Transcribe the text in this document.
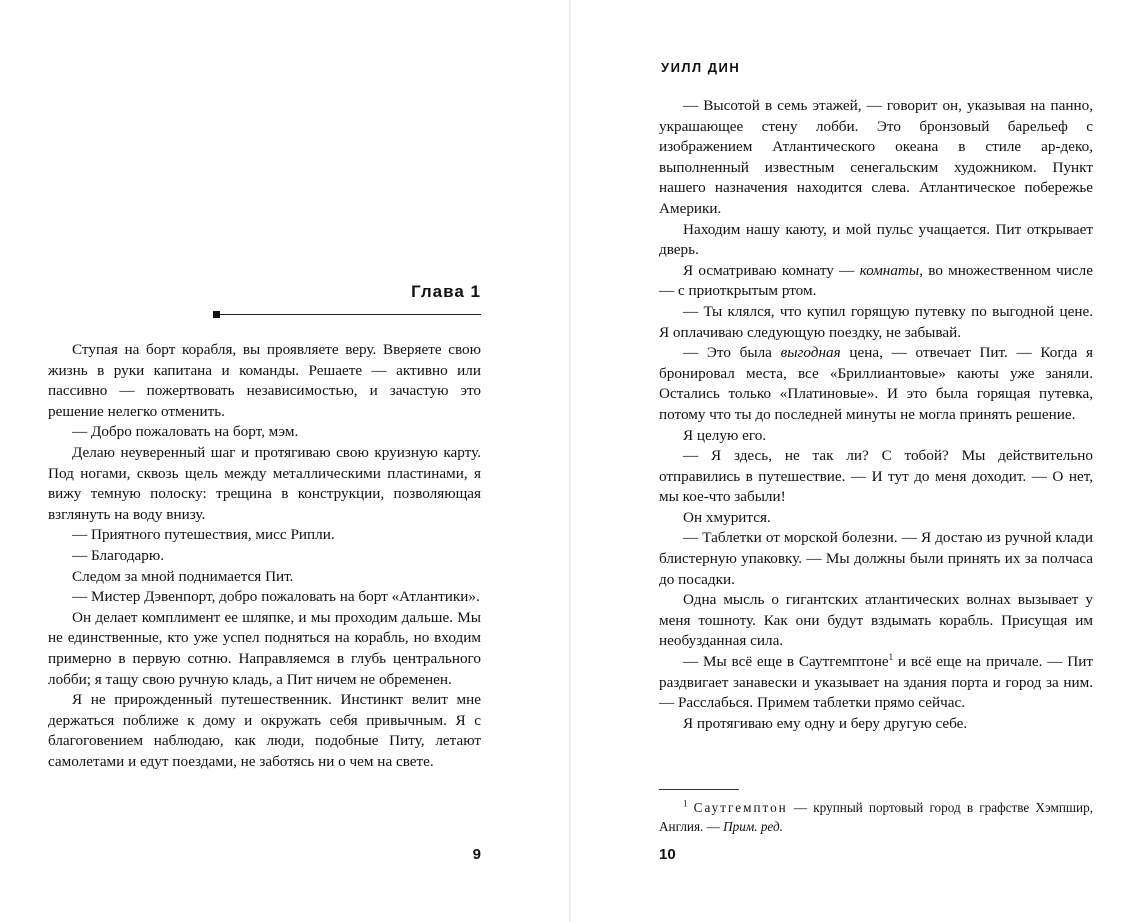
Глава 1

Ступая на борт корабля, вы проявляете веру. Вверяете свою жизнь в руки капитана и команды. Решаете — активно или пассивно — пожертвовать независимостью, и зачастую это решение нелегко отменить.

— Добро пожаловать на борт, мэм.

Делаю неуверенный шаг и протягиваю свою круизную карту. Под ногами, сквозь щель между металлическими пластинами, я вижу темную полоску: трещина в конструкции, позволяющая взглянуть на воду внизу.

— Приятного путешествия, мисс Рипли.

— Благодарю.

Следом за мной поднимается Пит.

— Мистер Дэвенпорт, добро пожаловать на борт «Атлантики».

Он делает комплимент ее шляпке, и мы проходим дальше. Мы не единственные, кто уже успел подняться на корабль, но входим примерно в первую сотню. Направляемся в глубь центрального лобби; я тащу свою ручную кладь, а Пит ничем не обременен.

Я не прирожденный путешественник. Инстинкт велит мне держаться поближе к дому и окружать себя привычным. Я с благоговением наблюдаю, как люди, подобные Питу, летают самолетами и едут поездами, не заботясь ни о чем на свете.

9
УИЛЛ ДИН

— Высотой в семь этажей, — говорит он, указывая на панно, украшающее стену лобби. Это бронзовый барельеф с изображением Атлантического океана в стиле ар-деко, выполненный известным сенегальским художником. Пункт нашего назначения находится слева. Атлантическое побережье Америки.

Находим нашу каюту, и мой пульс учащается. Пит открывает дверь.

Я осматриваю комнату — комнаты, во множественном числе — с приоткрытым ртом.

— Ты клялся, что купил горящую путевку по выгодной цене. Я оплачиваю следующую поездку, не забывай.

— Это была выгодная цена, — отвечает Пит. — Когда я бронировал места, все «Бриллиантовые» каюты уже заняли. Остались только «Платиновые». И это была горящая путевка, потому что ты до последней минуты не могла принять решение.

Я целую его.

— Я здесь, не так ли? С тобой? Мы действительно отправились в путешествие. — И тут до меня доходит. — О нет, мы кое-что забыли!

Он хмурится.

— Таблетки от морской болезни. — Я достаю из ручной клади блистерную упаковку. — Мы должны были принять их за полчаса до посадки.

Одна мысль о гигантских атлантических волнах вызывает у меня тошноту. Как они будут вздымать корабль. Присущая им необузданная сила.

— Мы всё еще в Саутгемптоне$^1$ и всё еще на причале. — Пит раздвигает занавески и указывает на здания порта и город за ним. — Расслабься. Примем таблетки прямо сейчас.

Я протягиваю ему одну и беру другую себе.

$^1$ Саутгемптон — крупный портовый город в графстве Хэмпшир, Англия. — Прим. ред.
10
